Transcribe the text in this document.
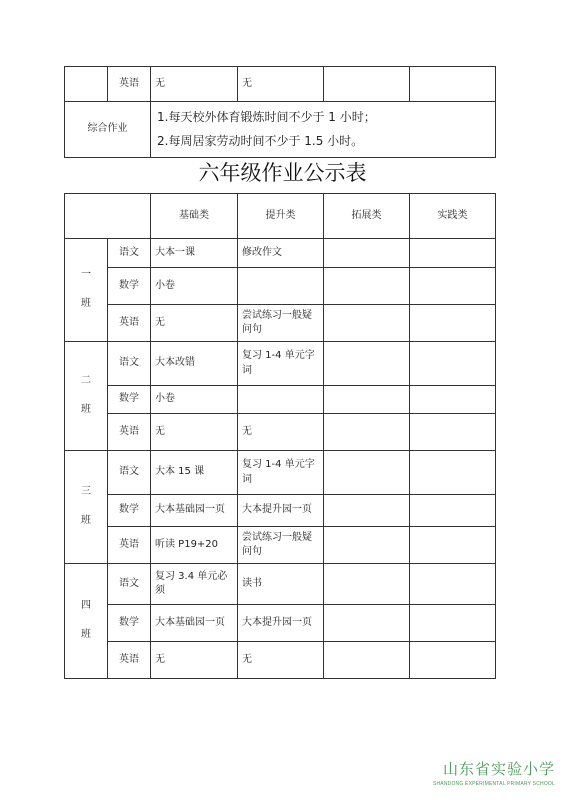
	英语	无	无		
综合作业		1.每天校外体育锻炼时间不少于 1 小时；
2.每周居家劳动时间不少于 1.5 小时。			
六年级作业公示表
		基础类	提升类	拓展类	实践类
一

班	语文	大本一课	修改作文		
	数学	小卷			
	英语	无	尝试练习一般疑问句		
二

班	语文	大本改错	复习 1-4 单元字词		
	数学	小卷			
	英语	无	无		
三

班	语文	大本 15 课	复习 1-4 单元字词		
	数学	大本基础园一页	大本提升园一页		
	英语	听读 P19+20	尝试练习一般疑问句		
四

班	语文	复习 3.4 单元必须	读书		
	数学	大本基础园一页	大本提升园一页		
	英语	无	无		
山东省实验小学
SHANDONG EXPERIMENTAL PRIMARY SCHOOL
